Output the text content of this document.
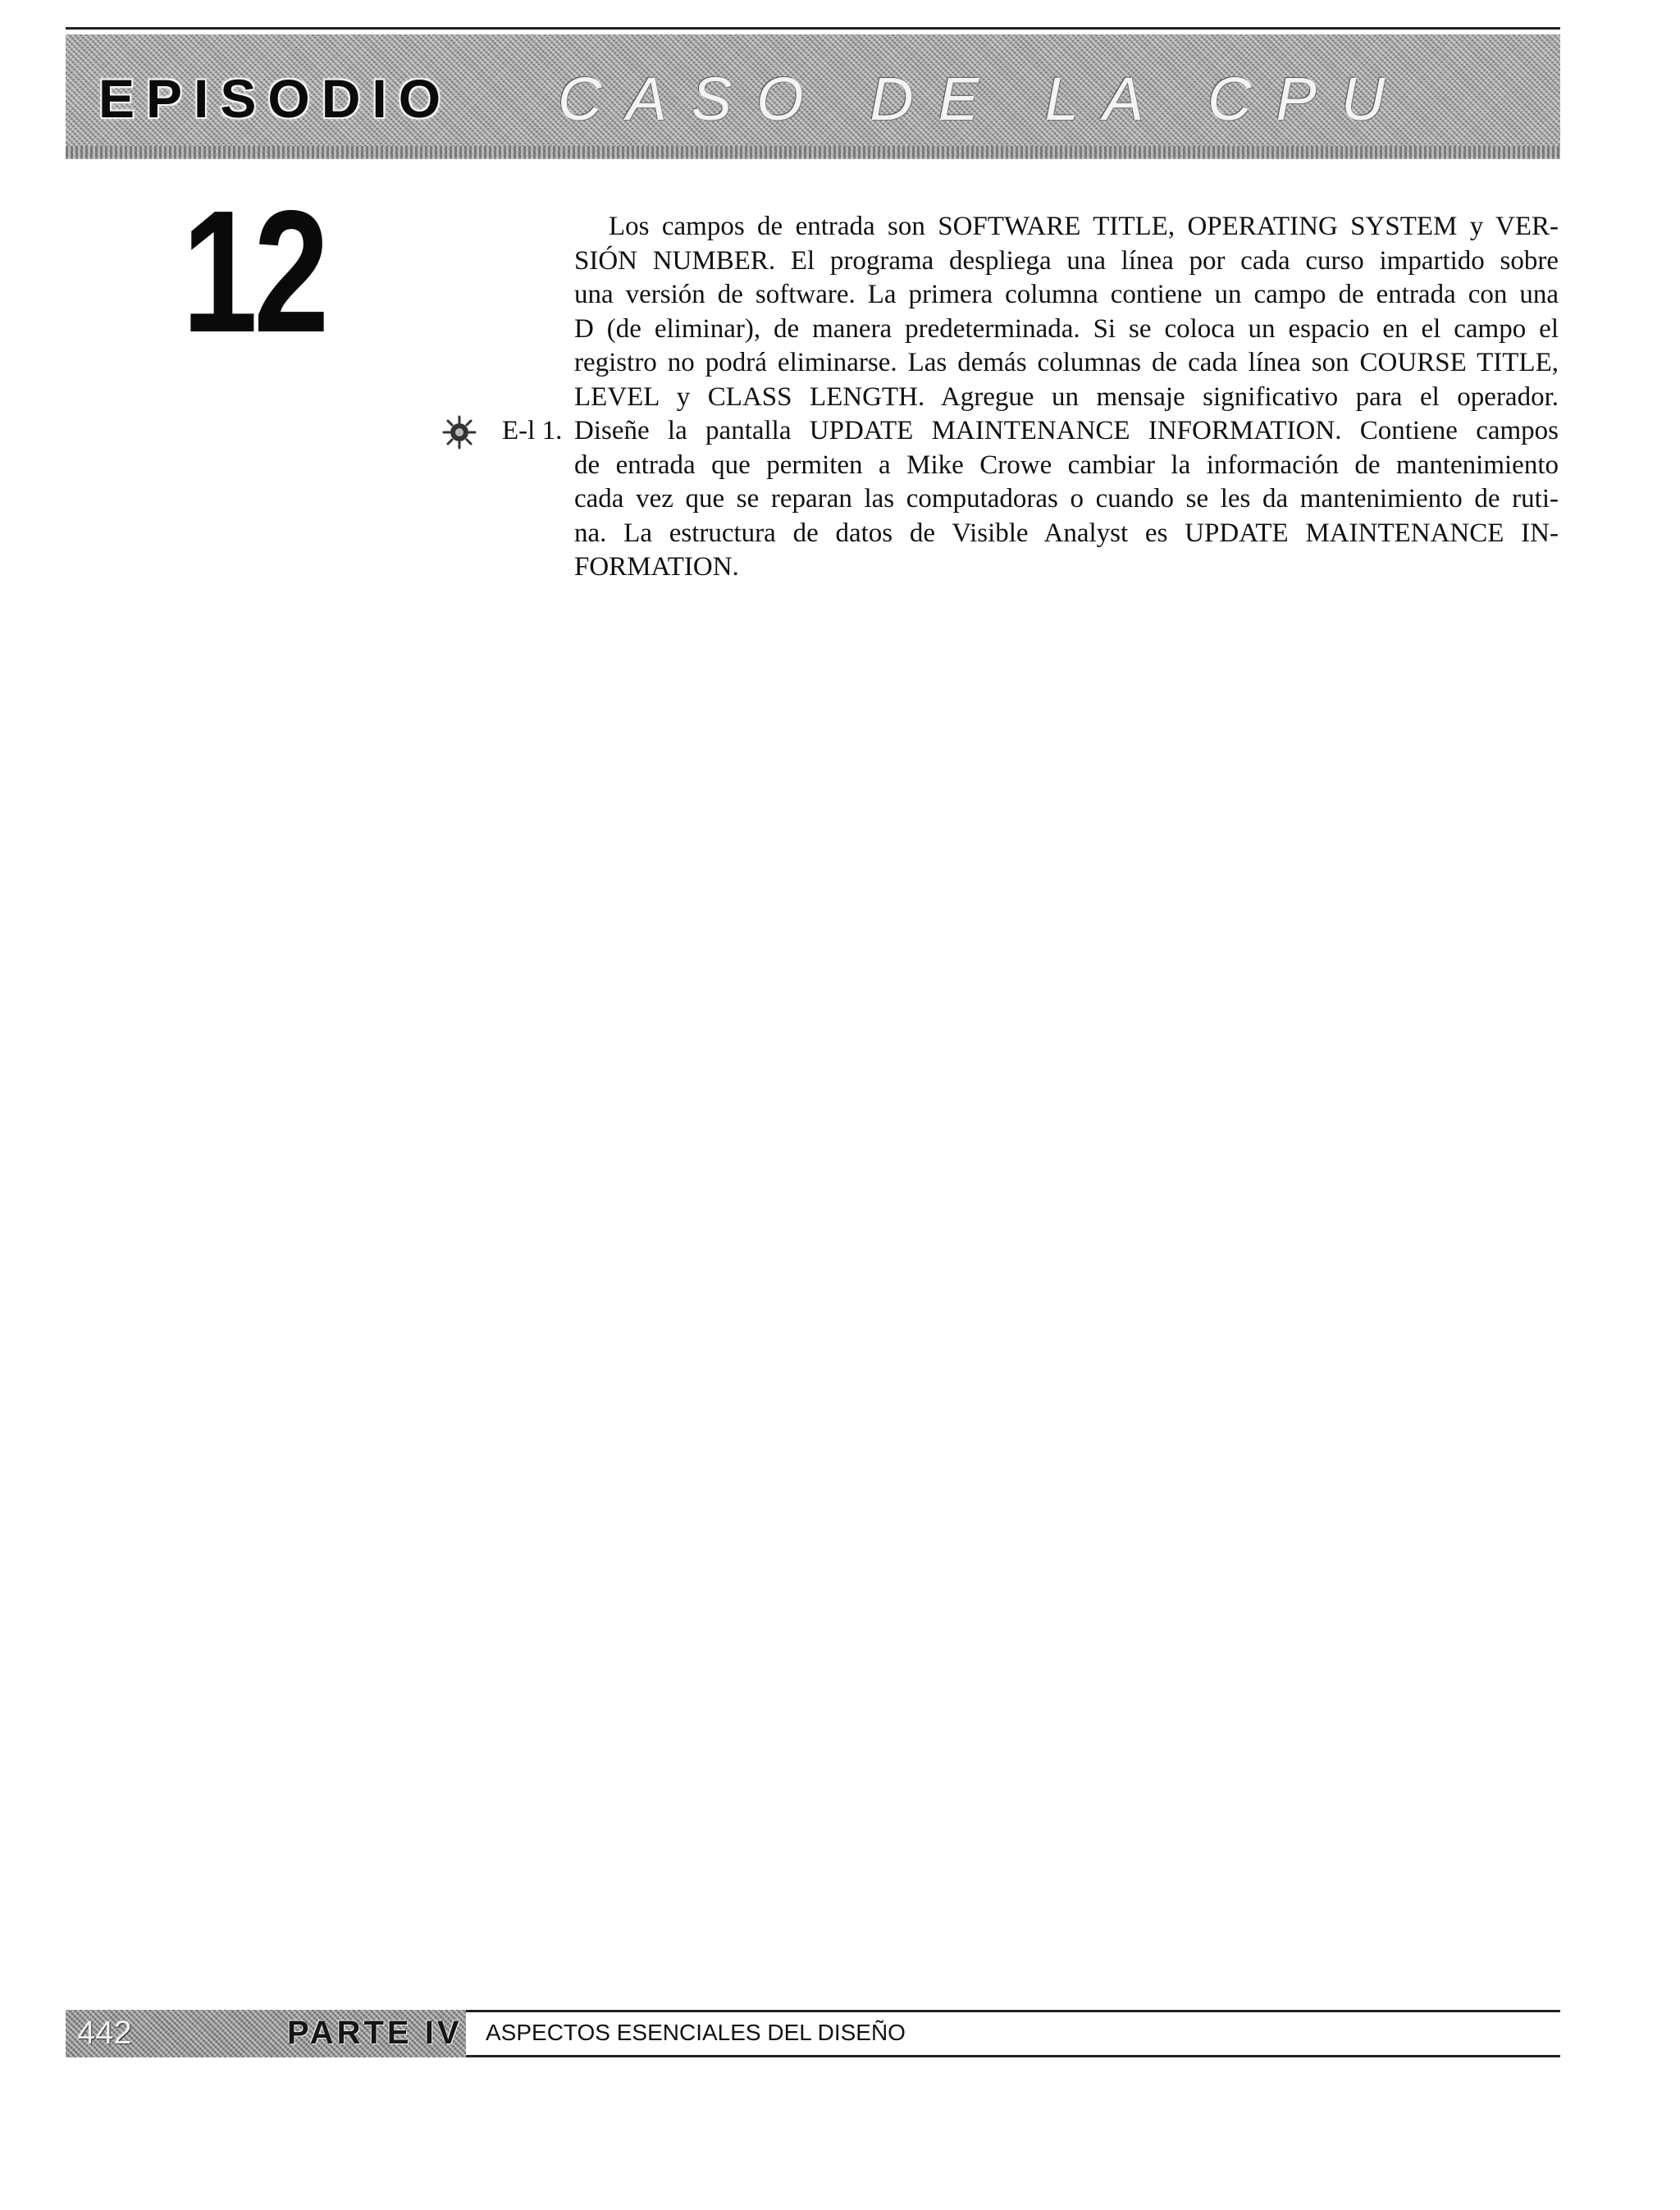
EPISODIO CASO DE LA CPU
12	Los campos de entrada son SOFTWARE TITLE, OPERATING SYSTEM y VER-
SIÓN NUMBER. El programa despliega una línea por cada curso impartido sobre
una versión de software. La primera columna contiene un campo de entrada con una
D (de eliminar), de manera predeterminada. Si se coloca un espacio en el campo el
registro no podrá eliminarse. Las demás columnas de cada línea son COURSE TITLE,
LEVEL y CLASS LENGTH. Agregue un mensaje significativo para el operador.
E-l 1. Diseñe la pantalla UPDATE MAINTENANCE INFORMATION. Contiene campos
de entrada que permiten a Mike Crowe cambiar la información de mantenimiento
cada vez que se reparan las computadoras o cuando se les da mantenimiento de ruti-
na. La estructura de datos de Visible Analyst es UPDATE MAINTENANCE IN-
FORMATION.
442	PARTE IV ASPECTOS ESENCIALES DEL DISEÑO
